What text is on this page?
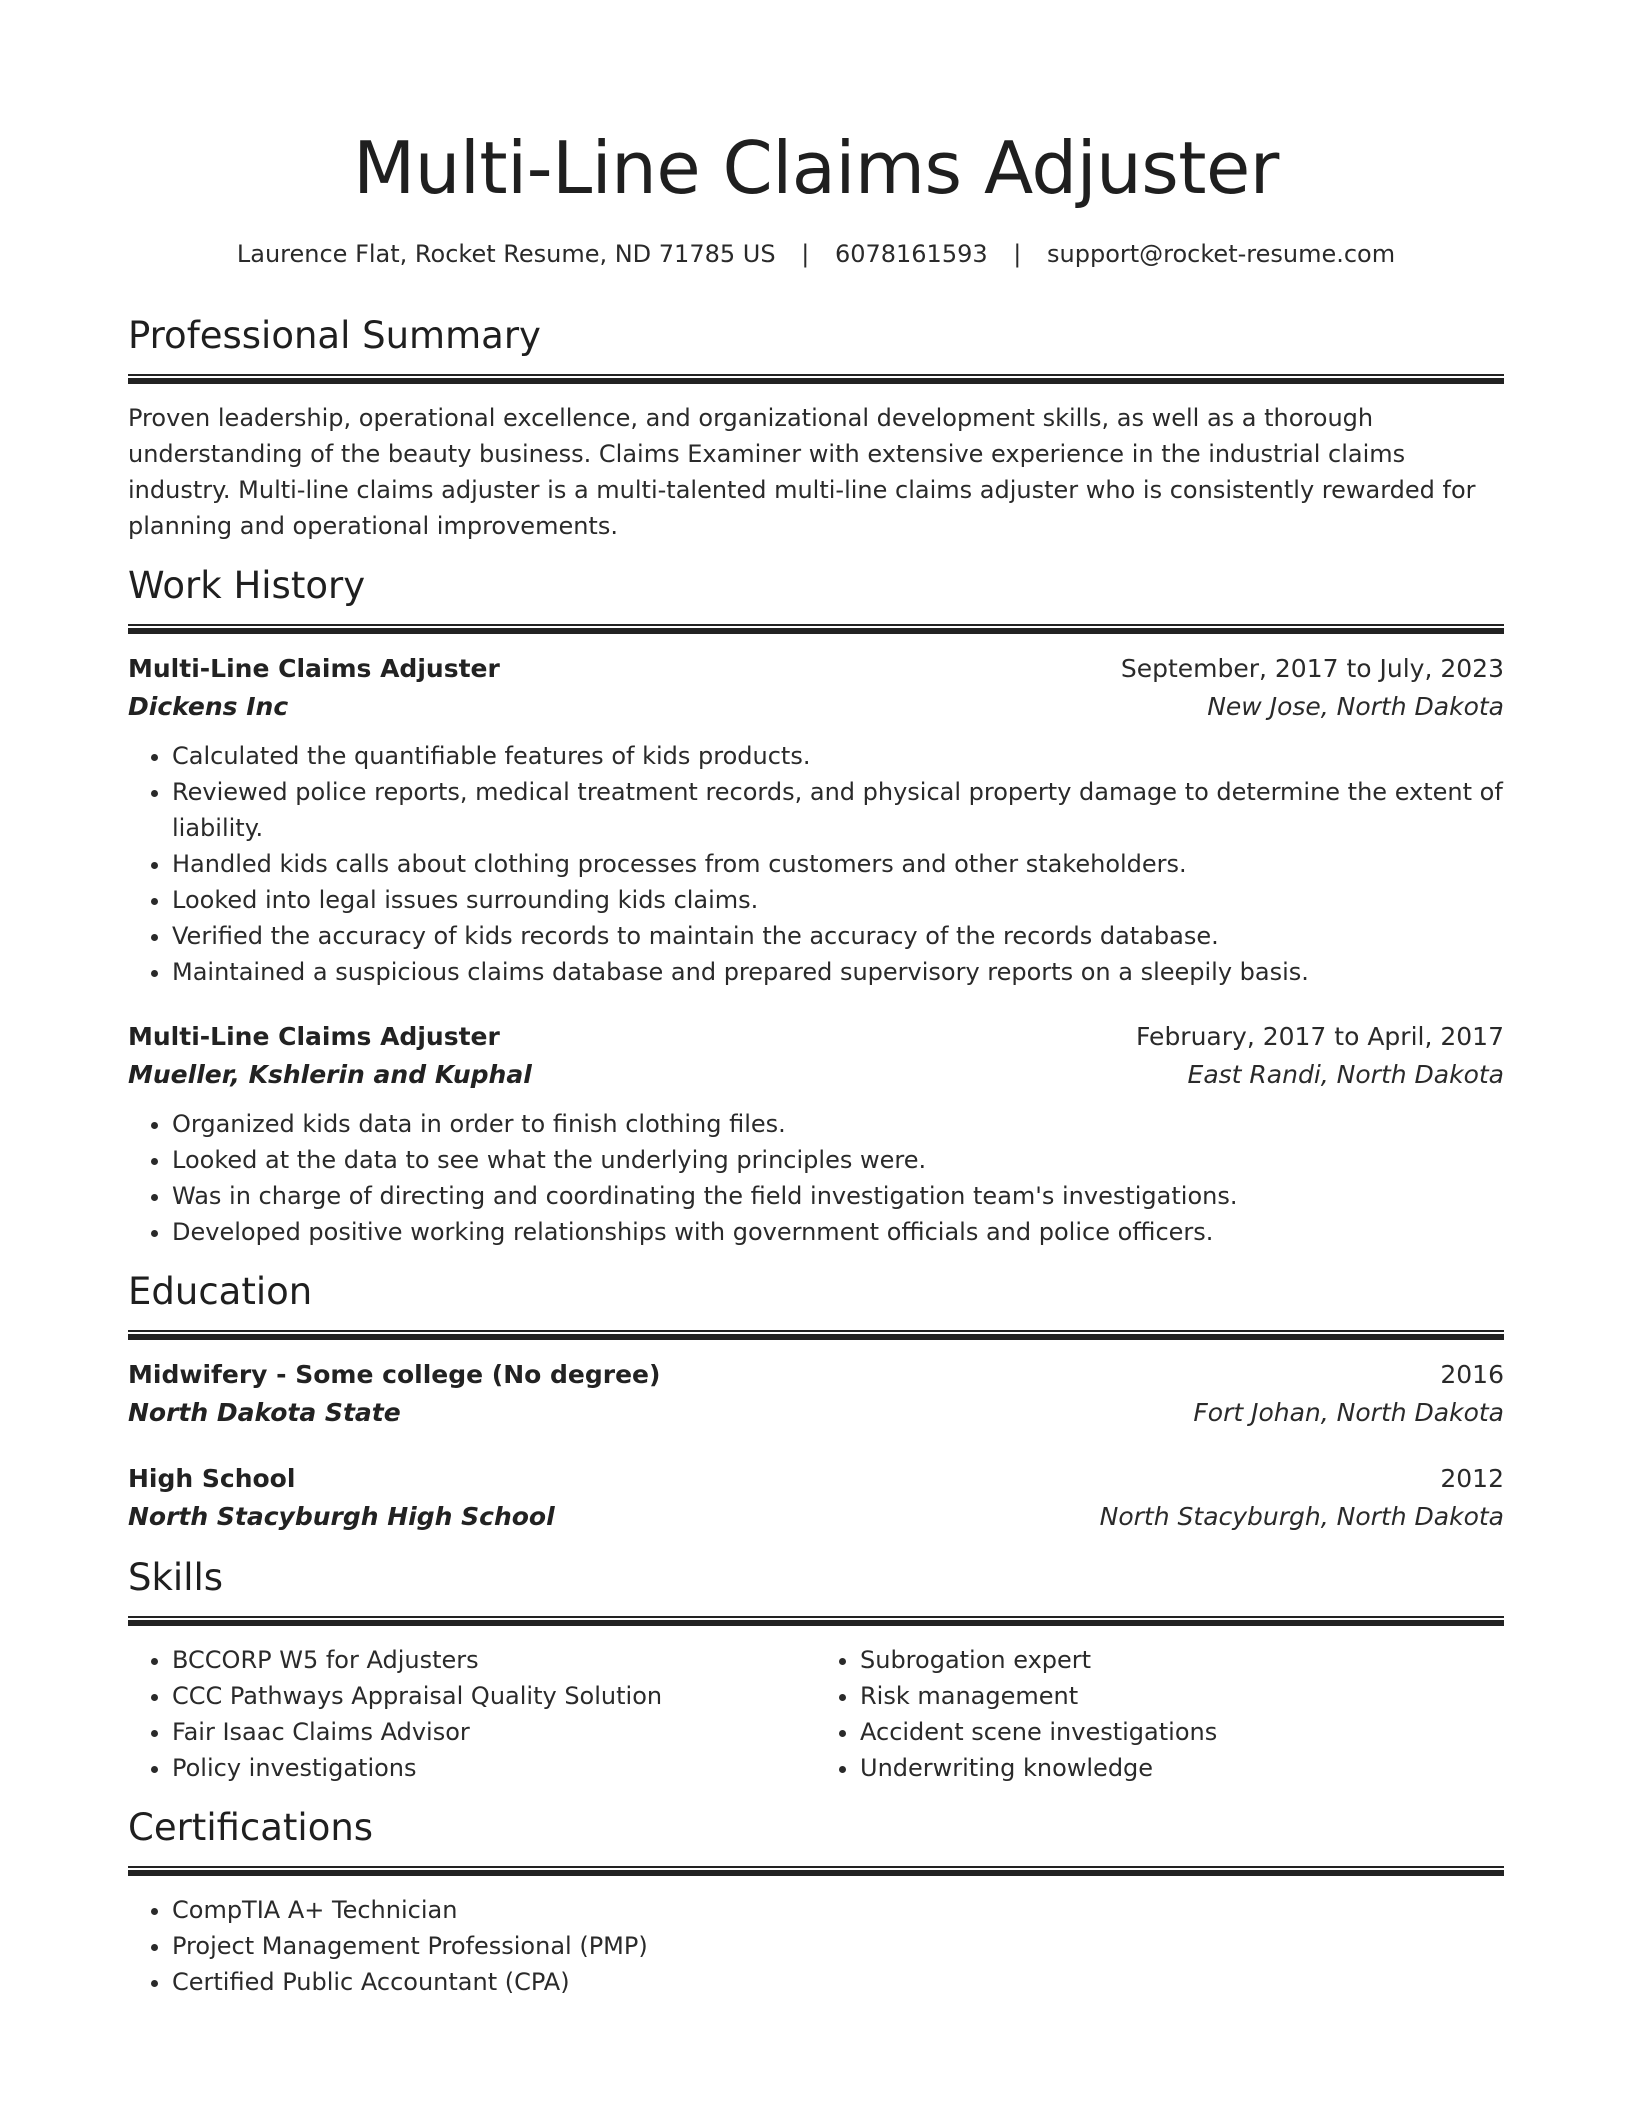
Multi-Line Claims Adjuster
Laurence Flat, Rocket Resume, ND 71785 US | 6078161593 | support@rocket-resume.com
Professional Summary

Proven leadership, operational excellence, and organizational development skills, as well as a thorough understanding of the beauty business. Claims Examiner with extensive experience in the industrial claims industry. Multi-line claims adjuster is a multi-talented multi-line claims adjuster who is consistently rewarded for planning and operational improvements.

Work History
Multi-Line Claims Adjuster	September, 2017 to July, 2023
Dickens Inc	New Jose, North Dakota
• Calculated the quantifiable features of kids products.
• Reviewed police reports, medical treatment records, and physical property damage to determine the extent of liability.
• Handled kids calls about clothing processes from customers and other stakeholders.
• Looked into legal issues surrounding kids claims.
• Verified the accuracy of kids records to maintain the accuracy of the records database.
• Maintained a suspicious claims database and prepared supervisory reports on a sleepily basis.
Multi-Line Claims Adjuster	February, 2017 to April, 2017
Mueller, Kshlerin and Kuphal	East Randi, North Dakota
• Organized kids data in order to finish clothing files.
• Looked at the data to see what the underlying principles were.
• Was in charge of directing and coordinating the field investigation team's investigations.
• Developed positive working relationships with government officials and police officers.
Education
Midwifery - Some college (No degree)	2016
North Dakota State	Fort Johan, North Dakota
High School	2012
North Stacyburgh High School	North Stacyburgh, North Dakota
Skills
• BCCORP W5 for Adjusters
• CCC Pathways Appraisal Quality Solution
• Fair Isaac Claims Advisor
• Policy investigations
• Subrogation expert
• Risk management
• Accident scene investigations
• Underwriting knowledge
Certifications
• CompTIA A+ Technician
• Project Management Professional (PMP)
• Certified Public Accountant (CPA)
